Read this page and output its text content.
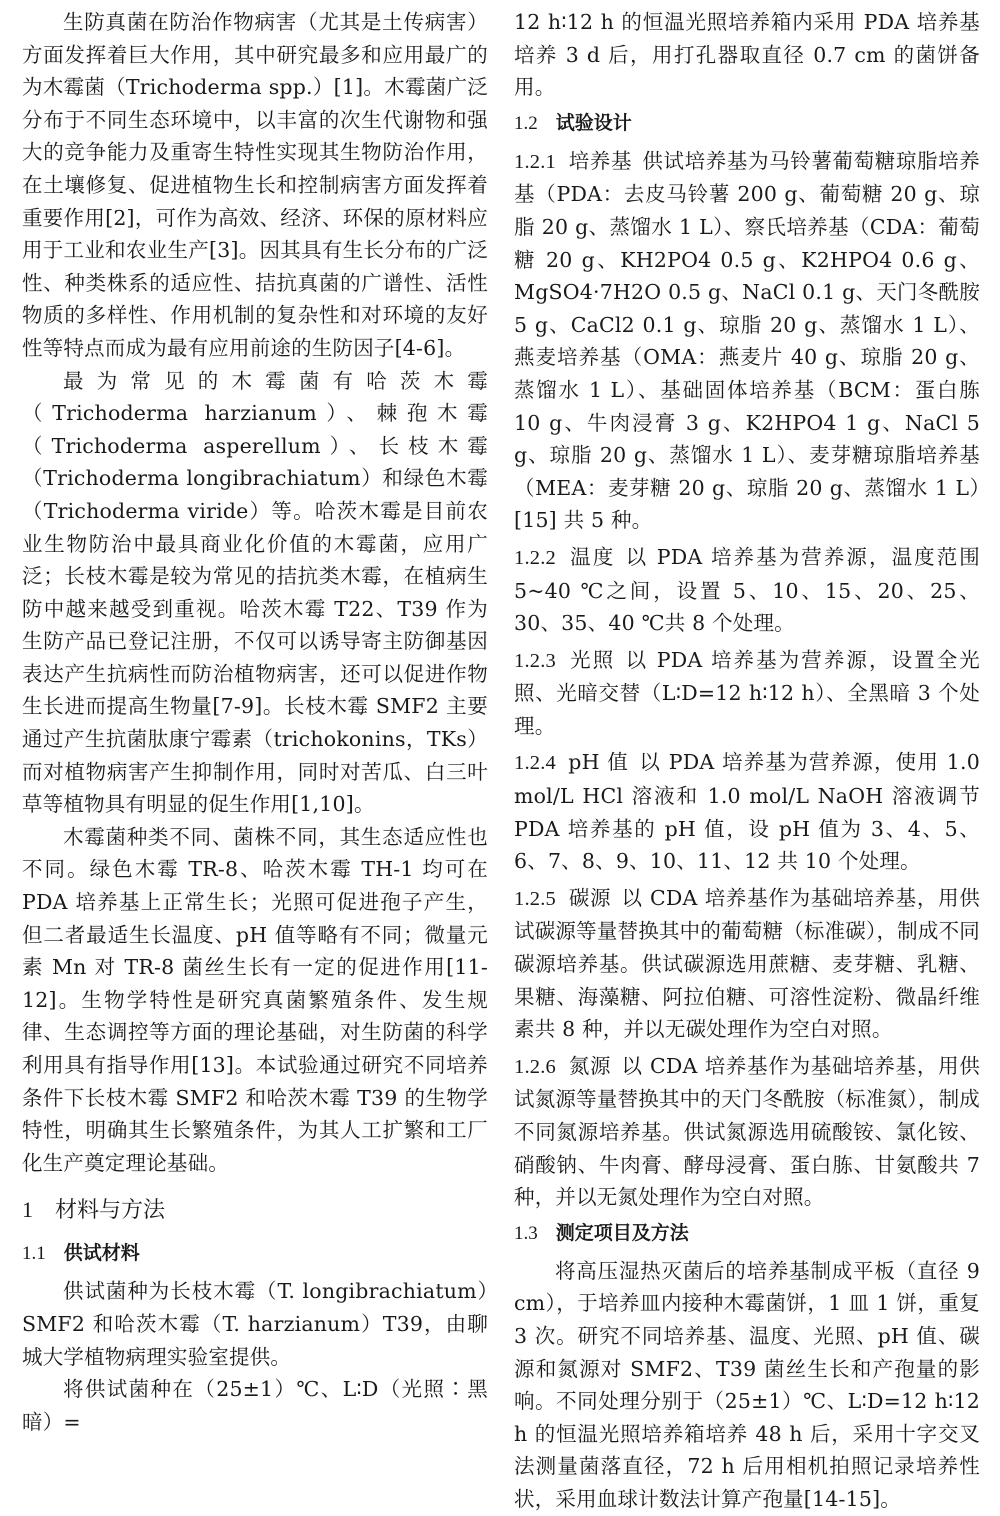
生防真菌在防治作物病害（尤其是土传病害）方面发挥着巨大作用，其中研究最多和应用最广的为木霉菌（Trichoderma spp.）[1]。木霉菌广泛分布于不同生态环境中，以丰富的次生代谢物和强大的竞争能力及重寄生特性实现其生物防治作用，在土壤修复、促进植物生长和控制病害方面发挥着重要作用[2]，可作为高效、经济、环保的原材料应用于工业和农业生产[3]。因其具有生长分布的广泛性、种类株系的适应性、拮抗真菌的广谱性、活性物质的多样性、作用机制的复杂性和对环境的友好性等特点而成为最有应用前途的生防因子[4-6]。

最为常见的木霉菌有哈茨木霉（Trichoderma harzianum）、棘孢木霉（Trichoderma asperellum）、长枝木霉（Trichoderma longibrachiatum）和绿色木霉（Trichoderma viride）等。哈茨木霉是目前农业生物防治中最具商业化价值的木霉菌，应用广泛；长枝木霉是较为常见的拮抗类木霉，在植病生防中越来越受到重视。哈茨木霉 T22、T39 作为生防产品已登记注册，不仅可以诱导寄主防御基因表达产生抗病性而防治植物病害，还可以促进作物生长进而提高生物量[7-9]。长枝木霉 SMF2 主要通过产生抗菌肽康宁霉素（trichokonins，TKs）而对植物病害产生抑制作用，同时对苦瓜、白三叶草等植物具有明显的促生作用[1,10]。

木霉菌种类不同、菌株不同，其生态适应性也不同。绿色木霉 TR-8、哈茨木霉 TH-1 均可在 PDA 培养基上正常生长；光照可促进孢子产生，但二者最适生长温度、pH 值等略有不同；微量元素 Mn 对 TR-8 菌丝生长有一定的促进作用[11-12]。生物学特性是研究真菌繁殖条件、发生规律、生态调控等方面的理论基础，对生防菌的科学利用具有指导作用[13]。本试验通过研究不同培养条件下长枝木霉 SMF2 和哈茨木霉 T39 的生物学特性，明确其生长繁殖条件，为其人工扩繁和工厂化生产奠定理论基础。

1 材料与方法
1.1 供试材料

供试菌种为长枝木霉（T. longibrachiatum）SMF2 和哈茨木霉（T. harzianum）T39，由聊城大学植物病理实验室提供。

将供试菌种在（25±1）℃、L∶D（光照∶黑暗）=

12 h∶12 h 的恒温光照培养箱内采用 PDA 培养基培养 3 d 后，用打孔器取直径 0.7 cm 的菌饼备用。

1.2 试验设计

1.2.1 培养基 供试培养基为马铃薯葡萄糖琼脂培养基（PDA：去皮马铃薯 200 g、葡萄糖 20 g、琼脂 20 g、蒸馏水 1 L）、察氏培养基（CDA：葡萄糖 20 g、KH2PO4 0.5 g、K2HPO4 0.6 g、MgSO4·7H2O 0.5 g、NaCl 0.1 g、天门冬酰胺 5 g、CaCl2 0.1 g、琼脂 20 g、蒸馏水 1 L）、燕麦培养基（OMA：燕麦片 40 g、琼脂 20 g、蒸馏水 1 L）、基础固体培养基（BCM：蛋白胨 10 g、牛肉浸膏 3 g、K2HPO4 1 g、NaCl 5 g、琼脂 20 g、蒸馏水 1 L）、麦芽糖琼脂培养基（MEA：麦芽糖 20 g、琼脂 20 g、蒸馏水 1 L）[15] 共 5 种。

1.2.2 温度 以 PDA 培养基为营养源，温度范围 5~40 ℃之间，设置 5、10、15、20、25、30、35、40 ℃共 8 个处理。

1.2.3 光照 以 PDA 培养基为营养源，设置全光照、光暗交替（L∶D=12 h∶12 h）、全黑暗 3 个处理。

1.2.4 pH 值 以 PDA 培养基为营养源，使用 1.0 mol/L HCl 溶液和 1.0 mol/L NaOH 溶液调节 PDA 培养基的 pH 值，设 pH 值为 3、4、5、6、7、8、9、10、11、12 共 10 个处理。

1.2.5 碳源 以 CDA 培养基作为基础培养基，用供试碳源等量替换其中的葡萄糖（标准碳），制成不同碳源培养基。供试碳源选用蔗糖、麦芽糖、乳糖、果糖、海藻糖、阿拉伯糖、可溶性淀粉、微晶纤维素共 8 种，并以无碳处理作为空白对照。

1.2.6 氮源 以 CDA 培养基作为基础培养基，用供试氮源等量替换其中的天门冬酰胺（标准氮），制成不同氮源培养基。供试氮源选用硫酸铵、氯化铵、硝酸钠、牛肉膏、酵母浸膏、蛋白胨、甘氨酸共 7 种，并以无氮处理作为空白对照。

1.3 测定项目及方法

将高压湿热灭菌后的培养基制成平板（直径 9 cm），于培养皿内接种木霉菌饼，1 皿 1 饼，重复 3 次。研究不同培养基、温度、光照、pH 值、碳源和氮源对 SMF2、T39 菌丝生长和产孢量的影响。不同处理分别于（25±1）℃、L∶D=12 h∶12 h 的恒温光照培养箱培养 48 h 后，采用十字交叉法测量菌落直径，72 h 后用相机拍照记录培养性状，采用血球计数法计算产孢量[14-15]。
